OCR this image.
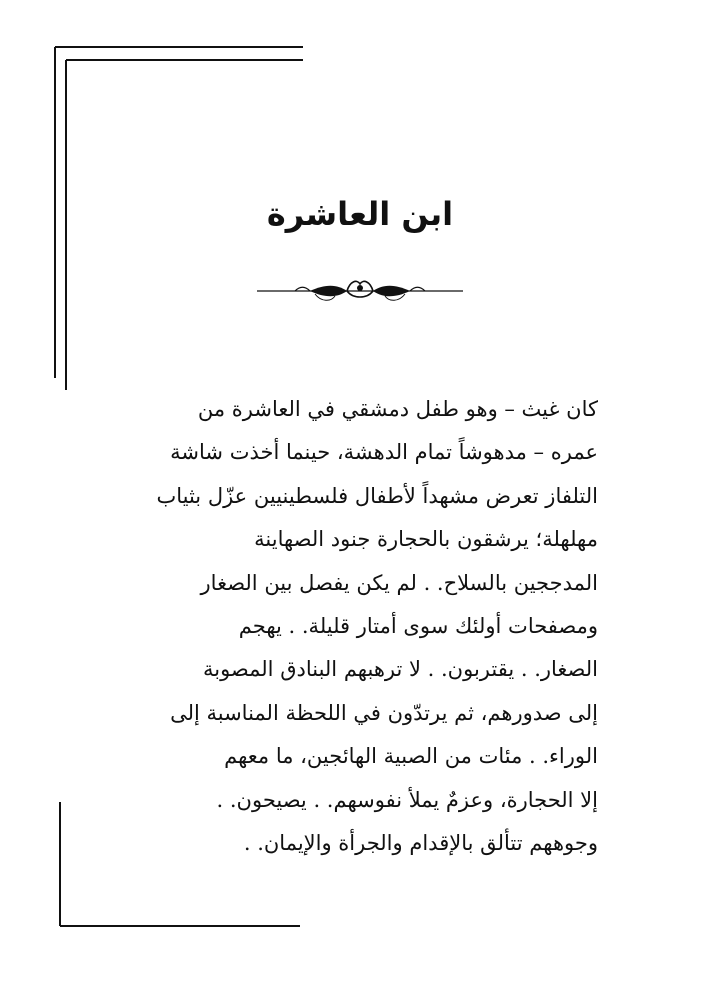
ابن العاشرة
كان غيث – وهو طفل دمشقي في العاشرة من
عمره – مدهوشاً تمام الدهشة، حينما أخذت شاشة
التلفاز تعرض مشهداً لأطفال فلسطينيين عزّل بثياب
مهلهلة؛ يرشقون بالحجارة جنود الصهاينة
المدججين بالسلاح. . لم يكن يفصل بين الصغار
ومصفحات أولئك سوى أمتار قليلة. . يهجم
الصغار. . يقتربون. . لا ترهبهم البنادق المصوبة
إلى صدورهم، ثم يرتدّون في اللحظة المناسبة إلى
الوراء. . مئات من الصبية الهائجين، ما معهم
إلا الحجارة، وعزمٌ يملأ نفوسهم. . يصيحون. .
وجوههم تتألق بالإقدام والجرأة والإيمان. .
